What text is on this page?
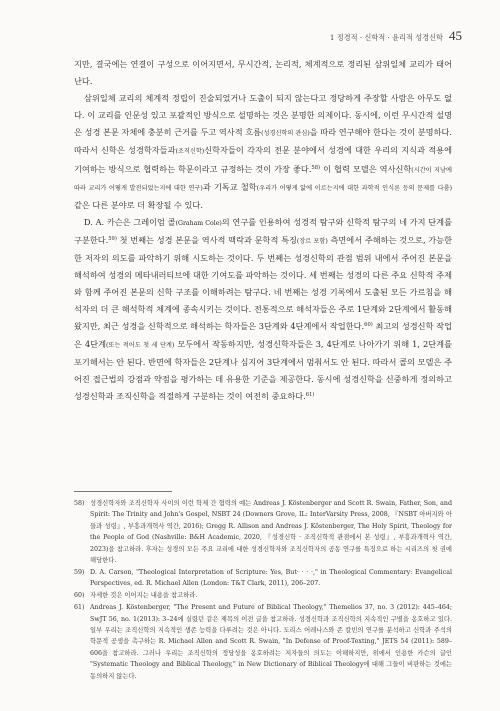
1 정경적 · 신학적 · 윤리적 성경신학 45

지만, 결국에는 연결이 구성으로 이어지면서, 무시간적, 논리적, 체계적으로 정리된 삼위일체 교리가 태어난다.

삼위일체 교리의 체계적 정립이 진술되었거나 도출이 되지 않는다고 정당하게 주장할 사람은 아무도 없다. 이 교리를 인문성 있고 포괄적인 방식으로 설명하는 것은 분명한 의제이다. 동시에, 이런 무시간적 설명은 성경 본문 자체에 충분히 근거를 두고 역사적 흐름(성경신학의 관심)을 따라 연구해야 한다는 것이 분명하다. 따라서 신학은 성경학자들과(조직신학)신학자들이 각자의 전문 분야에서 성경에 대한 우리의 지식과 적용에 기여하는 방식으로 협력하는 학문이라고 규정하는 것이 가장 좋다.$^{58)}$ 이 협력 모델은 역사신학(시간이 지남에 따라 교리가 어떻게 발전되었는지에 대한 연구)과 기독교 철학(우리가 어떻게 앎에 이르는지에 대한 과학적 인식론 등의 문제를 다룸) 같은 다른 분야로 더 확장될 수 있다.

D. A. 카슨은 그레이엄 콜(Graham Cole)의 연구를 인용하여 성경적 탐구와 신학적 탐구의 네 가지 단계를 구분한다.$^{59)}$ 첫 번째는 성경 본문을 역사적 맥락과 문학적 특징(장르 포함) 측면에서 주해하는 것으로, 가능한 한 저자의 의도를 파악하기 위해 시도하는 것이다. 두 번째는 성경신학의 관점 범위 내에서 주어진 본문을 해석하여 성경의 메타내러티브에 대한 기여도를 파악하는 것이다. 세 번째는 성경의 다른 주요 신학적 주제와 함께 주어진 본문의 신학 구조를 이해하려는 탐구다. 네 번째는 성경 기록에서 도출된 모든 가르침을 해석자의 더 큰 해석학적 체계에 종속시키는 것이다. 전통적으로 해석자들은 주로 1단계와 2단계에서 활동해 왔지만, 최근 성경을 신학적으로 해석하는 학자들은 3단계와 4단계에서 작업한다.$^{60)}$ 최고의 성경신학 작업은 4단계(또는 적어도 첫 세 단계) 모두에서 작동하지만, 성경신학자들은 3, 4단계로 나아가기 위해 1, 2단계를 포기해서는 안 된다. 반면에 학자들은 2단계나 심지어 3단계에서 멈춰서도 안 된다. 따라서 콜의 모델은 주어진 접근법의 강점과 약점을 평가하는 데 유용한 기준을 제공한다. 동시에 성경신학을 신중하게 정의하고 성경신학과 조직신학을 적절하게 구분하는 것이 여전히 중요하다.$^{61)}$

58) 성경신학자와 조직신학자 사이의 이런 학제 간 협력의 예는 Andreas J. Köstenberger and Scott R. Swain, Father, Son, and Spirit: The Trinity and John's Gospel, NSBT 24 (Downers Grove, IL: InterVarsity Press, 2008, 『NSBT 아버지와 아들과 성령』, 부흥과개혁사 역간, 2016); Gregg R. Allison and Andreas J. Köstenberger, The Holy Spirit, Theology for the People of God (Nashville: B&H Academic, 2020, 『성경신학 · 조직신학적 관점에서 본 성령』, 부흥과개혁사 역간, 2023)을 참고하라. 후자는 성경의 모든 주요 교리에 대한 성경신학자와 조직신학자의 공동 연구를 특징으로 하는 시리즈의 첫 권에 해당한다.
59) D. A. Carson, "Theological Interpretation of Scripture: Yes, But· · · ·," in Theological Commentary: Evangelical Perspectives, ed. R. Michael Allen (London: T&T Clark, 2011), 206–207.
60) 자세한 것은 이어지는 내용을 참고하라.
61) Andreas J. Köstenberger, "The Present and Future of Biblical Theology," Themelios 37, no. 3 (2012): 445–464; SwJT 56, no. 1(2013): 3–24에 실렸던 같은 제목의 이전 글을 참고하라. 성경신학과 조직신학의 지속적인 구별을 옹호하고 있다. 일부 우리는 조직신학의 지속적인 생존 능력을 다루려는 것은 아니다. 도리스 어레나스와 존 칼빈의 연구를 분석하고 신학과 주석의 학문적 공생을 촉구하는 R. Michael Allen and Scott R. Swain, "In Defense of Proof-Texting," JETS 54 (2011): 589–606을 참고하라. 그러나 우리는 조직신학의 정당성을 옹호하려는 저자들의 의도는 이해하지만, 위에서 인용한 카슨의 글인 "Systematic Theology and Biblical Theology," in New Dictionary of Biblical Theology에 대해 그들이 비판하는 것에는 동의하지 않는다.
